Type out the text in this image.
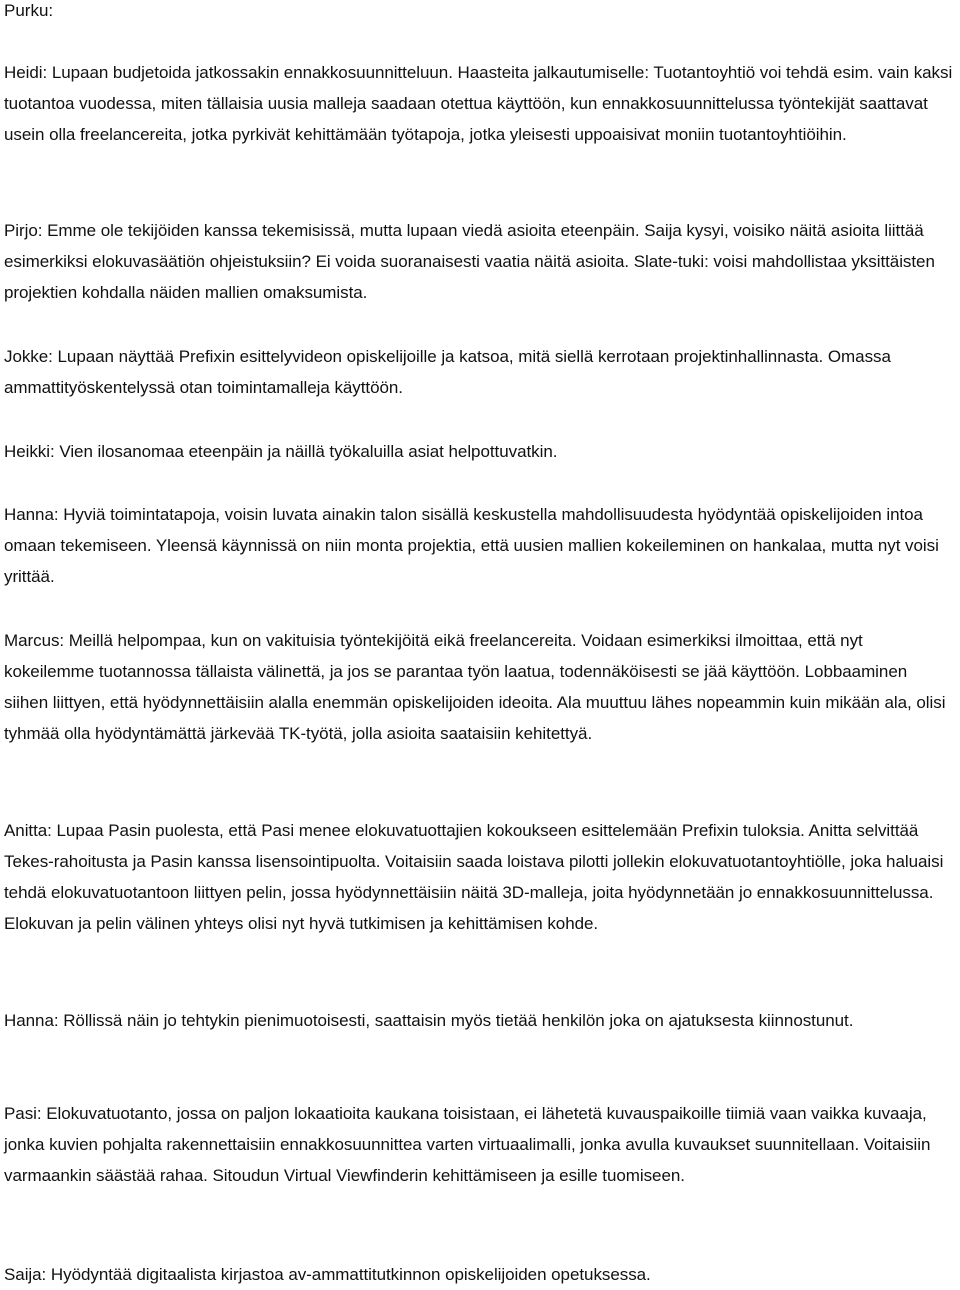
Purku:

Heidi: Lupaan budjetoida jatkossakin ennakkosuunnitteluun. Haasteita jalkautumiselle: Tuotantoyhtiö voi tehdä esim. vain kaksi tuotantoa vuodessa, miten tällaisia uusia malleja saadaan otettua käyttöön, kun ennakkosuunnittelussa työntekijät saattavat usein olla freelancereita, jotka pyrkivät kehittämään työtapoja, jotka yleisesti uppoaisivat moniin tuotantoyhtiöihin.

Pirjo: Emme ole tekijöiden kanssa tekemisissä, mutta lupaan viedä asioita eteenpäin. Saija kysyi, voisiko näitä asioita liittää esimerkiksi elokuvasäätiön ohjeistuksiin? Ei voida suoranaisesti vaatia näitä asioita. Slate-tuki: voisi mahdollistaa yksittäisten projektien kohdalla näiden mallien omaksumista.

Jokke: Lupaan näyttää Prefixin esittelyvideon opiskelijoille ja katsoa, mitä siellä kerrotaan projektinhallinnasta. Omassa ammattityöskentelyssä otan toimintamalleja käyttöön.

Heikki: Vien ilosanomaa eteenpäin ja näillä työkaluilla asiat helpottuvatkin.

Hanna: Hyviä toimintatapoja, voisin luvata ainakin talon sisällä keskustella mahdollisuudesta hyödyntää opiskelijoiden intoa omaan tekemiseen. Yleensä käynnissä on niin monta projektia, että uusien mallien kokeileminen on hankalaa, mutta nyt voisi yrittää.

Marcus: Meillä helpompaa, kun on vakituisia työntekijöitä eikä freelancereita. Voidaan esimerkiksi ilmoittaa, että nyt kokeilemme tuotannossa tällaista välinettä, ja jos se parantaa työn laatua, todennäköisesti se jää käyttöön. Lobbaaminen siihen liittyen, että hyödynnettäisiin alalla enemmän opiskelijoiden ideoita. Ala muuttuu lähes nopeammin kuin mikään ala, olisi tyhmää olla hyödyntämättä järkevää TK-työtä, jolla asioita saataisiin kehitettyä.

Anitta: Lupaa Pasin puolesta, että Pasi menee elokuvatuottajien kokoukseen esittelemään Prefixin tuloksia. Anitta selvittää Tekes-rahoitusta ja Pasin kanssa lisensointipuolta. Voitaisiin saada loistava pilotti jollekin elokuvatuotantoyhtiölle, joka haluaisi tehdä elokuvatuotantoon liittyen pelin, jossa hyödynnettäisiin näitä 3D-malleja, joita hyödynnetään jo ennakkosuunnittelussa. Elokuvan ja pelin välinen yhteys olisi nyt hyvä tutkimisen ja kehittämisen kohde.

Hanna: Röllissä näin jo tehtykin pienimuotoisesti, saattaisin myös tietää henkilön joka on ajatuksesta kiinnostunut.

Pasi: Elokuvatuotanto, jossa on paljon lokaatioita kaukana toisistaan, ei lähetetä kuvauspaikoille tiimiä vaan vaikka kuvaaja, jonka kuvien pohjalta rakennettaisiin ennakkosuunnittea varten virtuaalimalli, jonka avulla kuvaukset suunnitellaan. Voitaisiin varmaankin säästää rahaa. Sitoudun Virtual Viewfinderin kehittämiseen ja esille tuomiseen.

Saija: Hyödyntää digitaalista kirjastoa av-ammattitutkinnon opiskelijoiden opetuksessa.
